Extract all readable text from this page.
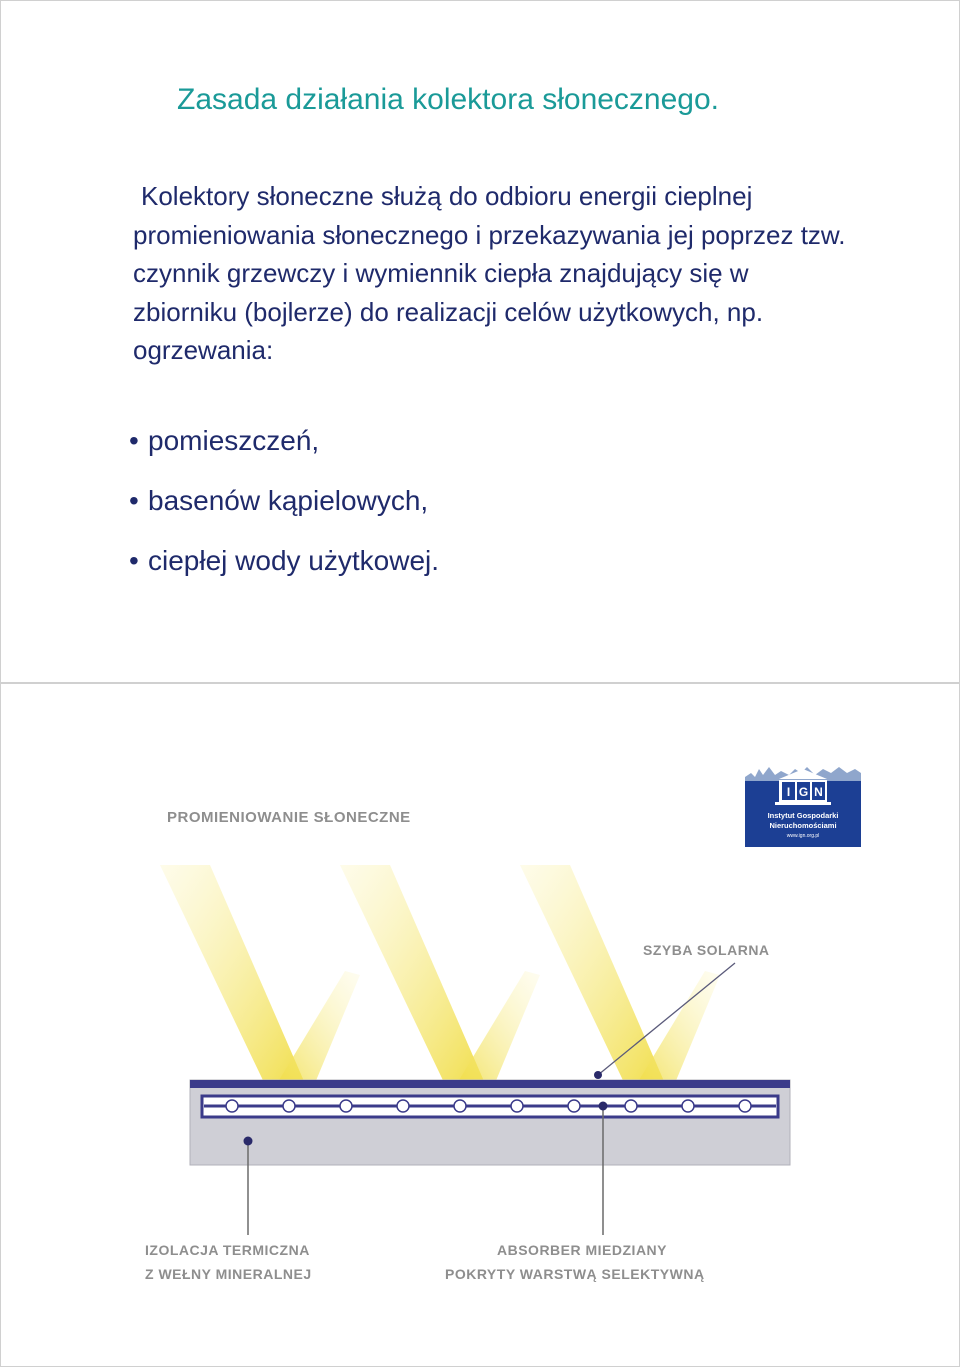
Zasada działania kolektora słonecznego.

Kolektory słoneczne służą do odbioru energii cieplnej promieniowania słonecznego i przekazywania jej poprzez tzw. czynnik grzewczy i wymiennik ciepła znajdujący się w zbiorniku (bojlerze) do realizacji celów użytkowych, np. ogrzewania:

• pomieszczeń,
• basenów kąpielowych,
• ciepłej wody użytkowej.
I G N
Instytut Gospodarki
Nieruchomościami
www.ign.org.pl
PROMIENIOWANIE SŁONECZNE
SZYBA SOLARNA
IZOLACJA TERMICZNA
Z WEŁNY MINERALNEJ
ABSORBER MIEDZIANY
POKRYTY WARSTWĄ SELEKTYWNĄ
